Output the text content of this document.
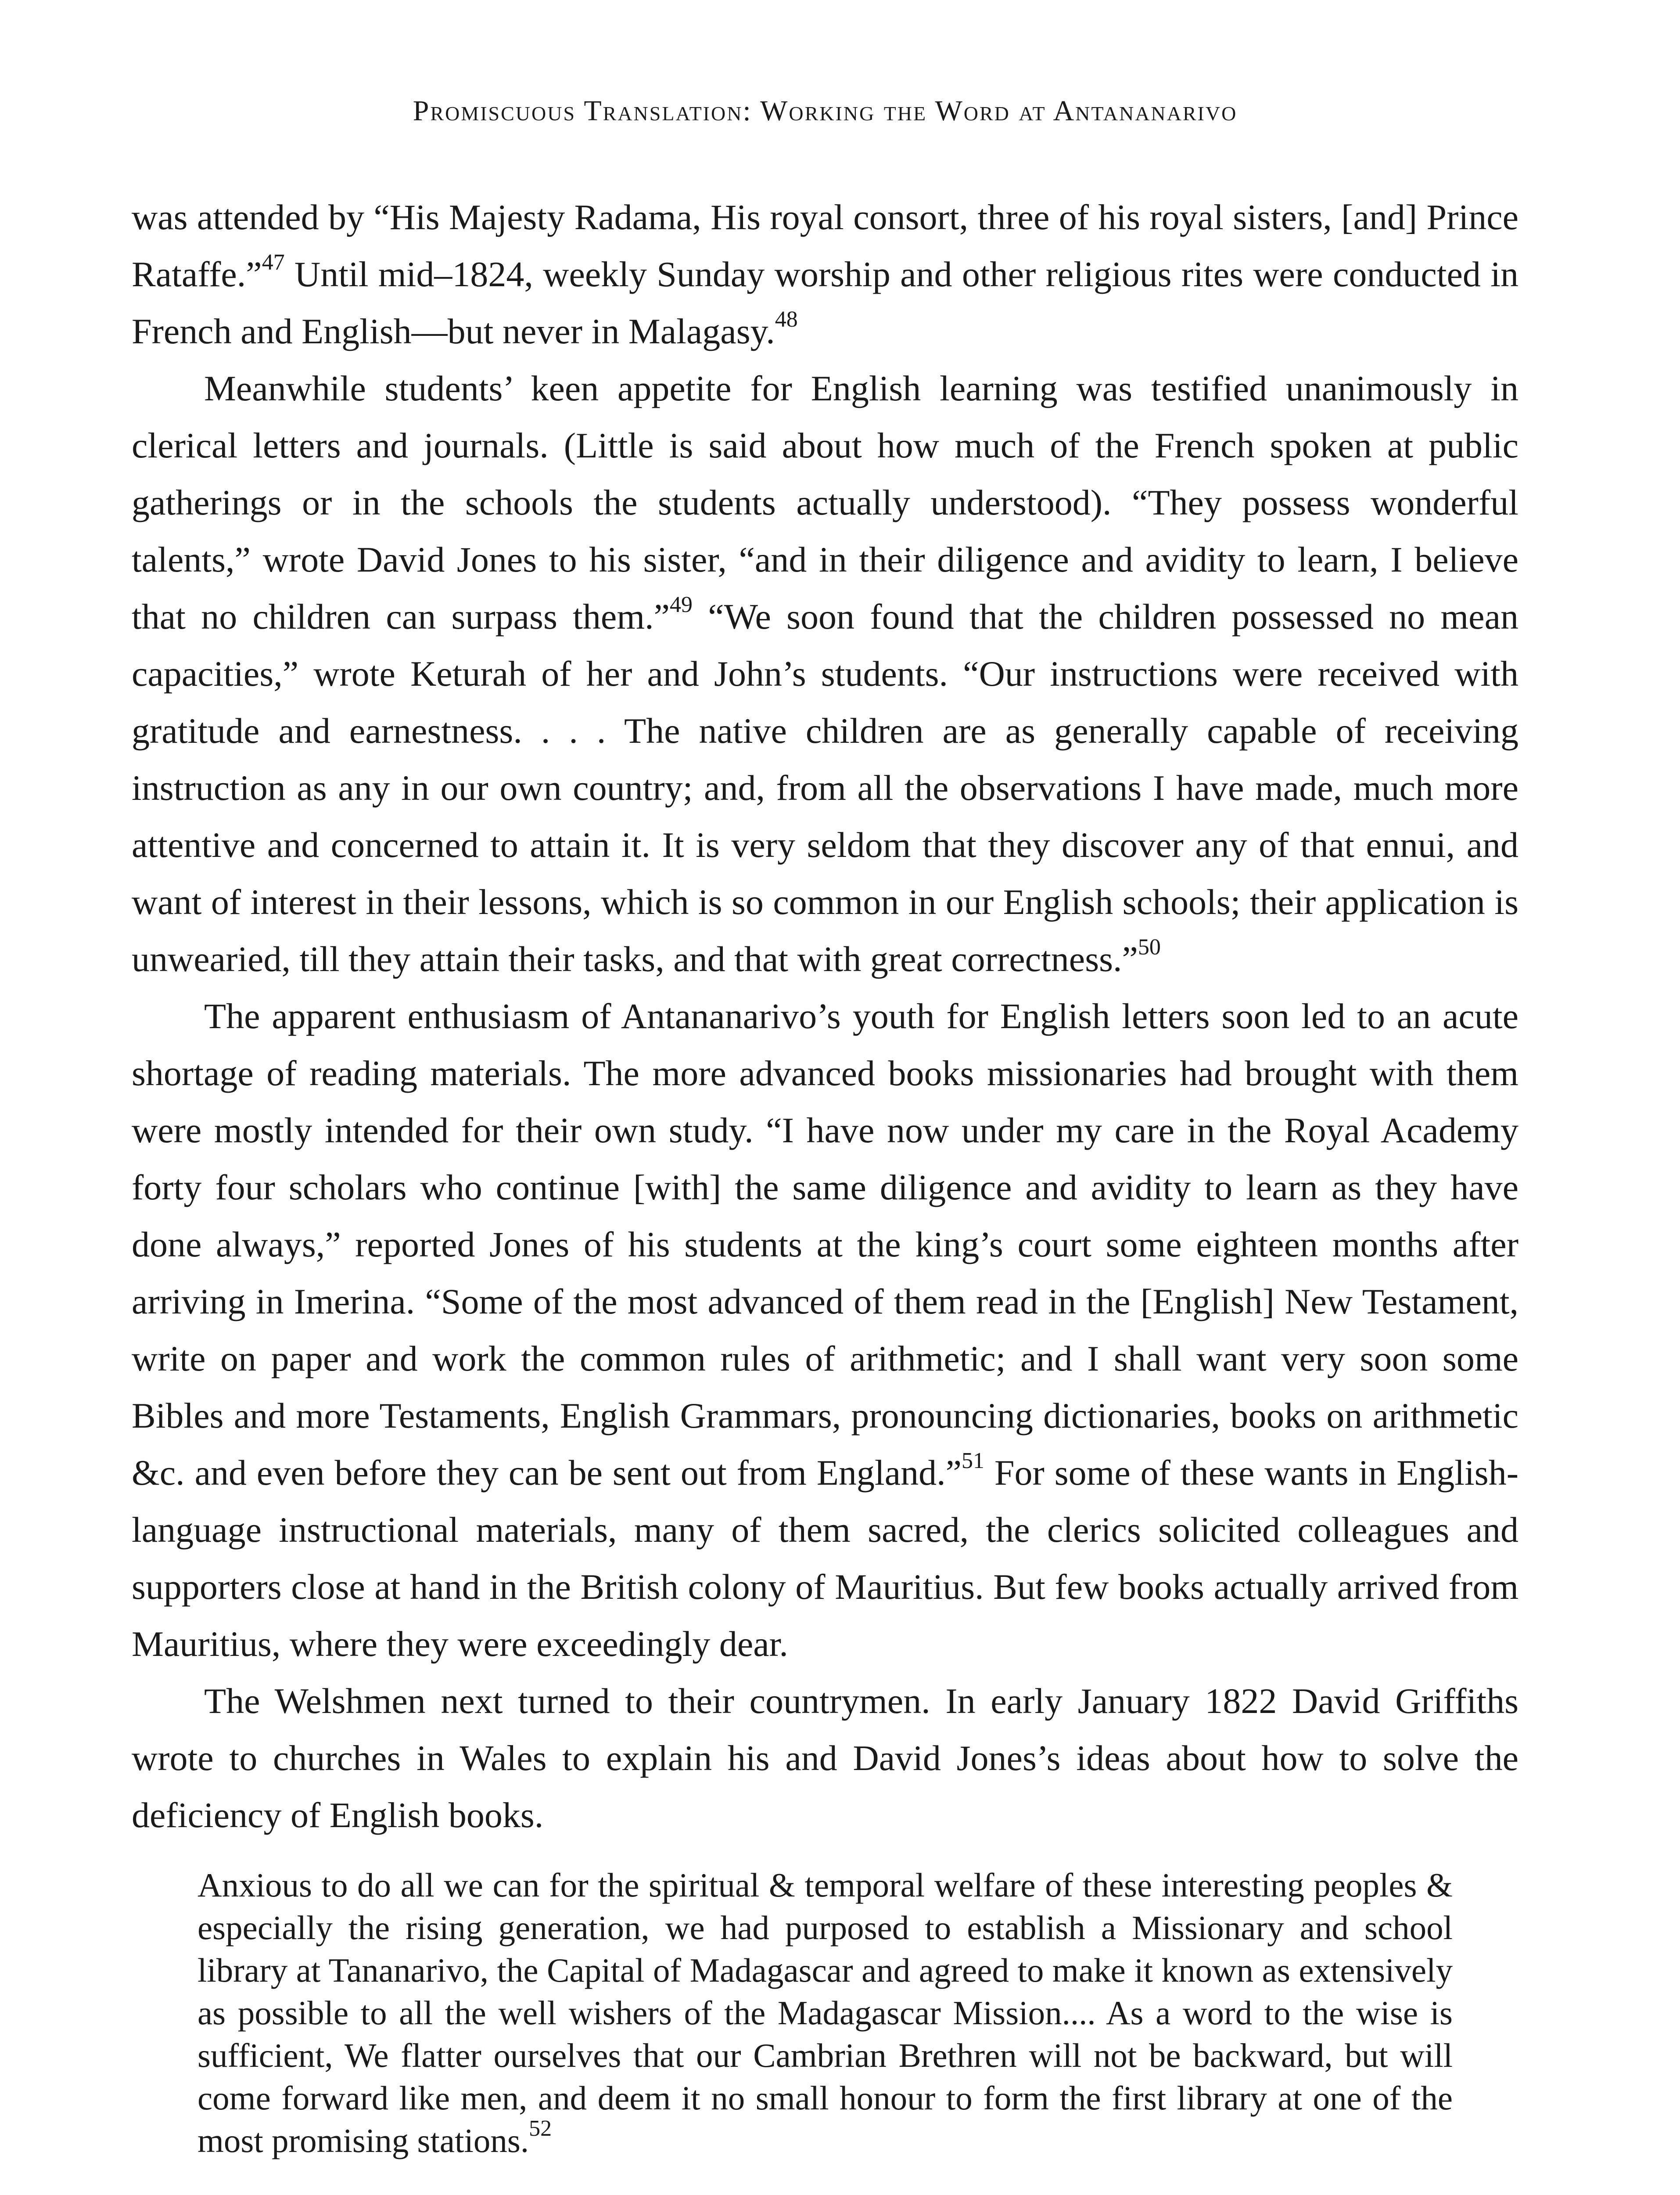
Promiscuous Translation: Working the Word at Antananarivo

was attended by “His Majesty Radama, His royal consort, three of his royal sisters, [and] Prince Rataffe.”$^{47}$ Until mid–1824, weekly Sunday worship and other religious rites were conducted in French and English—but never in Malagasy.$^{48}$

Meanwhile students’ keen appetite for English learning was testified unanimously in clerical letters and journals. (Little is said about how much of the French spoken at public gatherings or in the schools the students actually understood). “They possess wonderful talents,” wrote David Jones to his sister, “and in their diligence and avidity to learn, I believe that no children can surpass them.”$^{49}$ “We soon found that the children possessed no mean capacities,” wrote Keturah of her and John’s students. “Our instructions were received with gratitude and earnestness. . . . The native children are as generally capable of receiving instruction as any in our own country; and, from all the observations I have made, much more attentive and concerned to attain it. It is very seldom that they discover any of that ennui, and want of interest in their lessons, which is so common in our English schools; their application is unwearied, till they attain their tasks, and that with great correctness.”$^{50}$

The apparent enthusiasm of Antananarivo’s youth for English letters soon led to an acute shortage of reading materials. The more advanced books missionaries had brought with them were mostly intended for their own study. “I have now under my care in the Royal Academy forty four scholars who continue [with] the same diligence and avidity to learn as they have done always,” reported Jones of his students at the king’s court some eighteen months after arriving in Imerina. “Some of the most advanced of them read in the [English] New Testament, write on paper and work the common rules of arithmetic; and I shall want very soon some Bibles and more Testaments, English Grammars, pronouncing dictionaries, books on arithmetic &c. and even before they can be sent out from England.”$^{51}$ For some of these wants in English-language instructional materials, many of them sacred, the clerics solicited colleagues and supporters close at hand in the British colony of Mauritius. But few books actually arrived from Mauritius, where they were exceedingly dear.

The Welshmen next turned to their countrymen. In early January 1822 David Griffiths wrote to churches in Wales to explain his and David Jones’s ideas about how to solve the deficiency of English books.

Anxious to do all we can for the spiritual & temporal welfare of these interesting peoples & especially the rising generation, we had purposed to establish a Missionary and school library at Tananarivo, the Capital of Madagascar and agreed to make it known as extensively as possible to all the well wishers of the Madagascar Mission.... As a word to the wise is sufficient, We flatter ourselves that our Cambrian Brethren will not be backward, but will come forward like men, and deem it no small honour to form the first library at one of the most promising stations.$^{52}$
